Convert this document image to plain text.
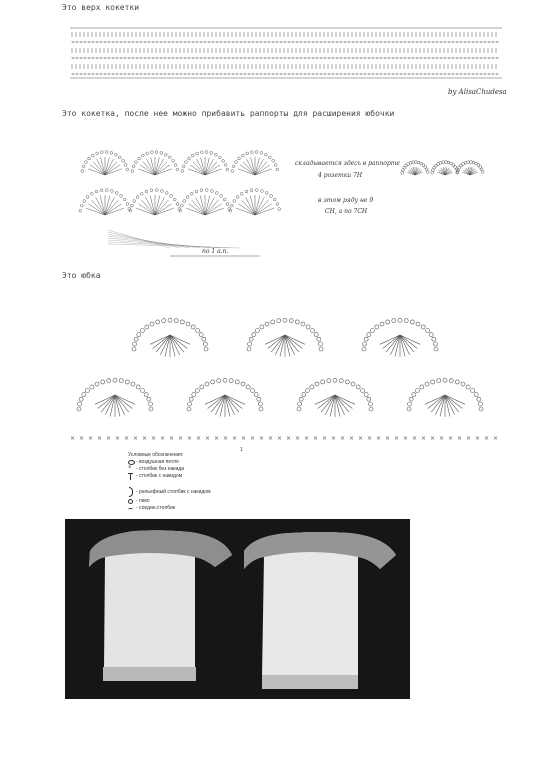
Это верх кокетки
by AlisaChudesa
Это кокетка, после нее можно прибавить раппорты для расширения юбочки
складывается здесь в раппорте
4 розетки 7Н
в этом ряду не 9
СН, а по 7СН
по 1 а.п.
Это юбка
× × × × × × × × × × × × × × × × × × × × × × × × × × × × × × × × × × × × × × × × × × × × × × × ×
1
Условные обозначения:
- воздушная петля
× - столбик без накида
- столбик с накидом
- рельефный столбик с накидом
- пико
- соедин.столбик
